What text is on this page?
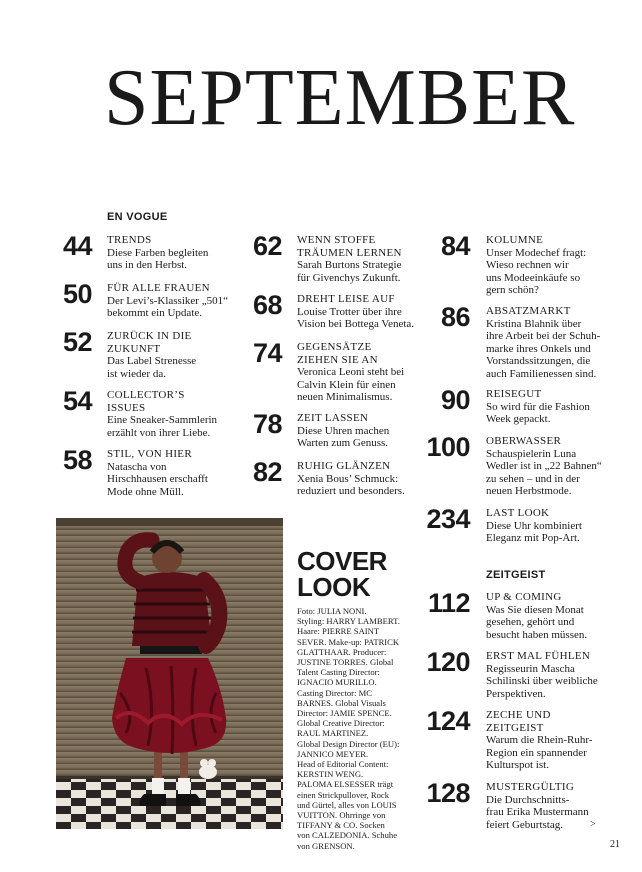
SEPTEMBER
EN VOGUE
ZEITGEIST
44 TRENDS
Diese Farben begleiten
uns in den Herbst.
50 FÜR ALLE FRAUEN
Der Levi’s-Klassiker „501“
bekommt ein Update.
52 ZURÜCK IN DIE
ZUKUNFT
Das Label Strenesse
ist wieder da.
54 COLLECTOR’S
ISSUES
Eine Sneaker-Sammlerin
erzählt von ihrer Liebe.
58 STIL, VON HIER
Natascha von
Hirschhausen erschafft
Mode ohne Müll.
62 WENN STOFFE
TRÄUMEN LERNEN
Sarah Burtons Strategie
für Givenchys Zukunft.
68 DREHT LEISE AUF
Louise Trotter über ihre
Vision bei Bottega Veneta.
74 GEGENSÄTZE
ZIEHEN SIE AN
Veronica Leoni steht bei
Calvin Klein für einen
neuen Minimalismus.
78 ZEIT LASSEN
Diese Uhren machen
Warten zum Genuss.
82 RUHIG GLÄNZEN
Xenia Bous’ Schmuck:
reduziert und besonders.
84 KOLUMNE
Unser Modechef fragt:
Wieso rechnen wir
uns Modeeinkäufe so
gern schön?
86 ABSATZMARKT
Kristina Blahnik über
ihre Arbeit bei der Schuh-
marke ihres Onkels und
Vorstandssitzungen, die
auch Familienessen sind.
90 REISEGUT
So wird für die Fashion
Week gepackt.
100 OBERWASSER
Schauspielerin Luna
Wedler ist in „22 Bahnen“
zu sehen – und in der
neuen Herbstmode.
234 LAST LOOK
Diese Uhr kombiniert
Eleganz mit Pop-Art.
112 UP & COMING
Was Sie diesen Monat
gesehen, gehört und
besucht haben müssen.
120 ERST MAL FÜHLEN
Regisseurin Mascha
Schilinski über weibliche
Perspektiven.
124 ZECHE UND
ZEITGEIST
Warum die Rhein-Ruhr-
Region ein spannender
Kulturspot ist.
128 MUSTERGÜLTIG
Die Durchschnitts-
frau Erika Mustermann
feiert Geburtstag.
COVER
LOOK
Foto: JULIA NONI.
Styling: HARRY LAMBERT.
Haare: PIERRE SAINT
SEVER. Make-up: PATRICK
GLATTHAAR. Producer:
JUSTINE TORRES. Global
Talent Casting Director:
IGNACIO MURILLO.
Casting Director: MC
BARNES. Global Visuals
Director: JAMIE SPENCE.
Global Creative Director:
RAUL MARTINEZ.
Global Design Director (EU):
JANNICO MEYER.
Head of Editorial Content:
KERSTIN WENG.
PALOMA ELSESSER trägt
einen Strickpullover, Rock
und Gürtel, alles von LOUIS
VUITTON. Ohrringe von
TIFFANY & CO. Socken
von CALZEDONIA. Schuhe
von GRENSON.
>
21
